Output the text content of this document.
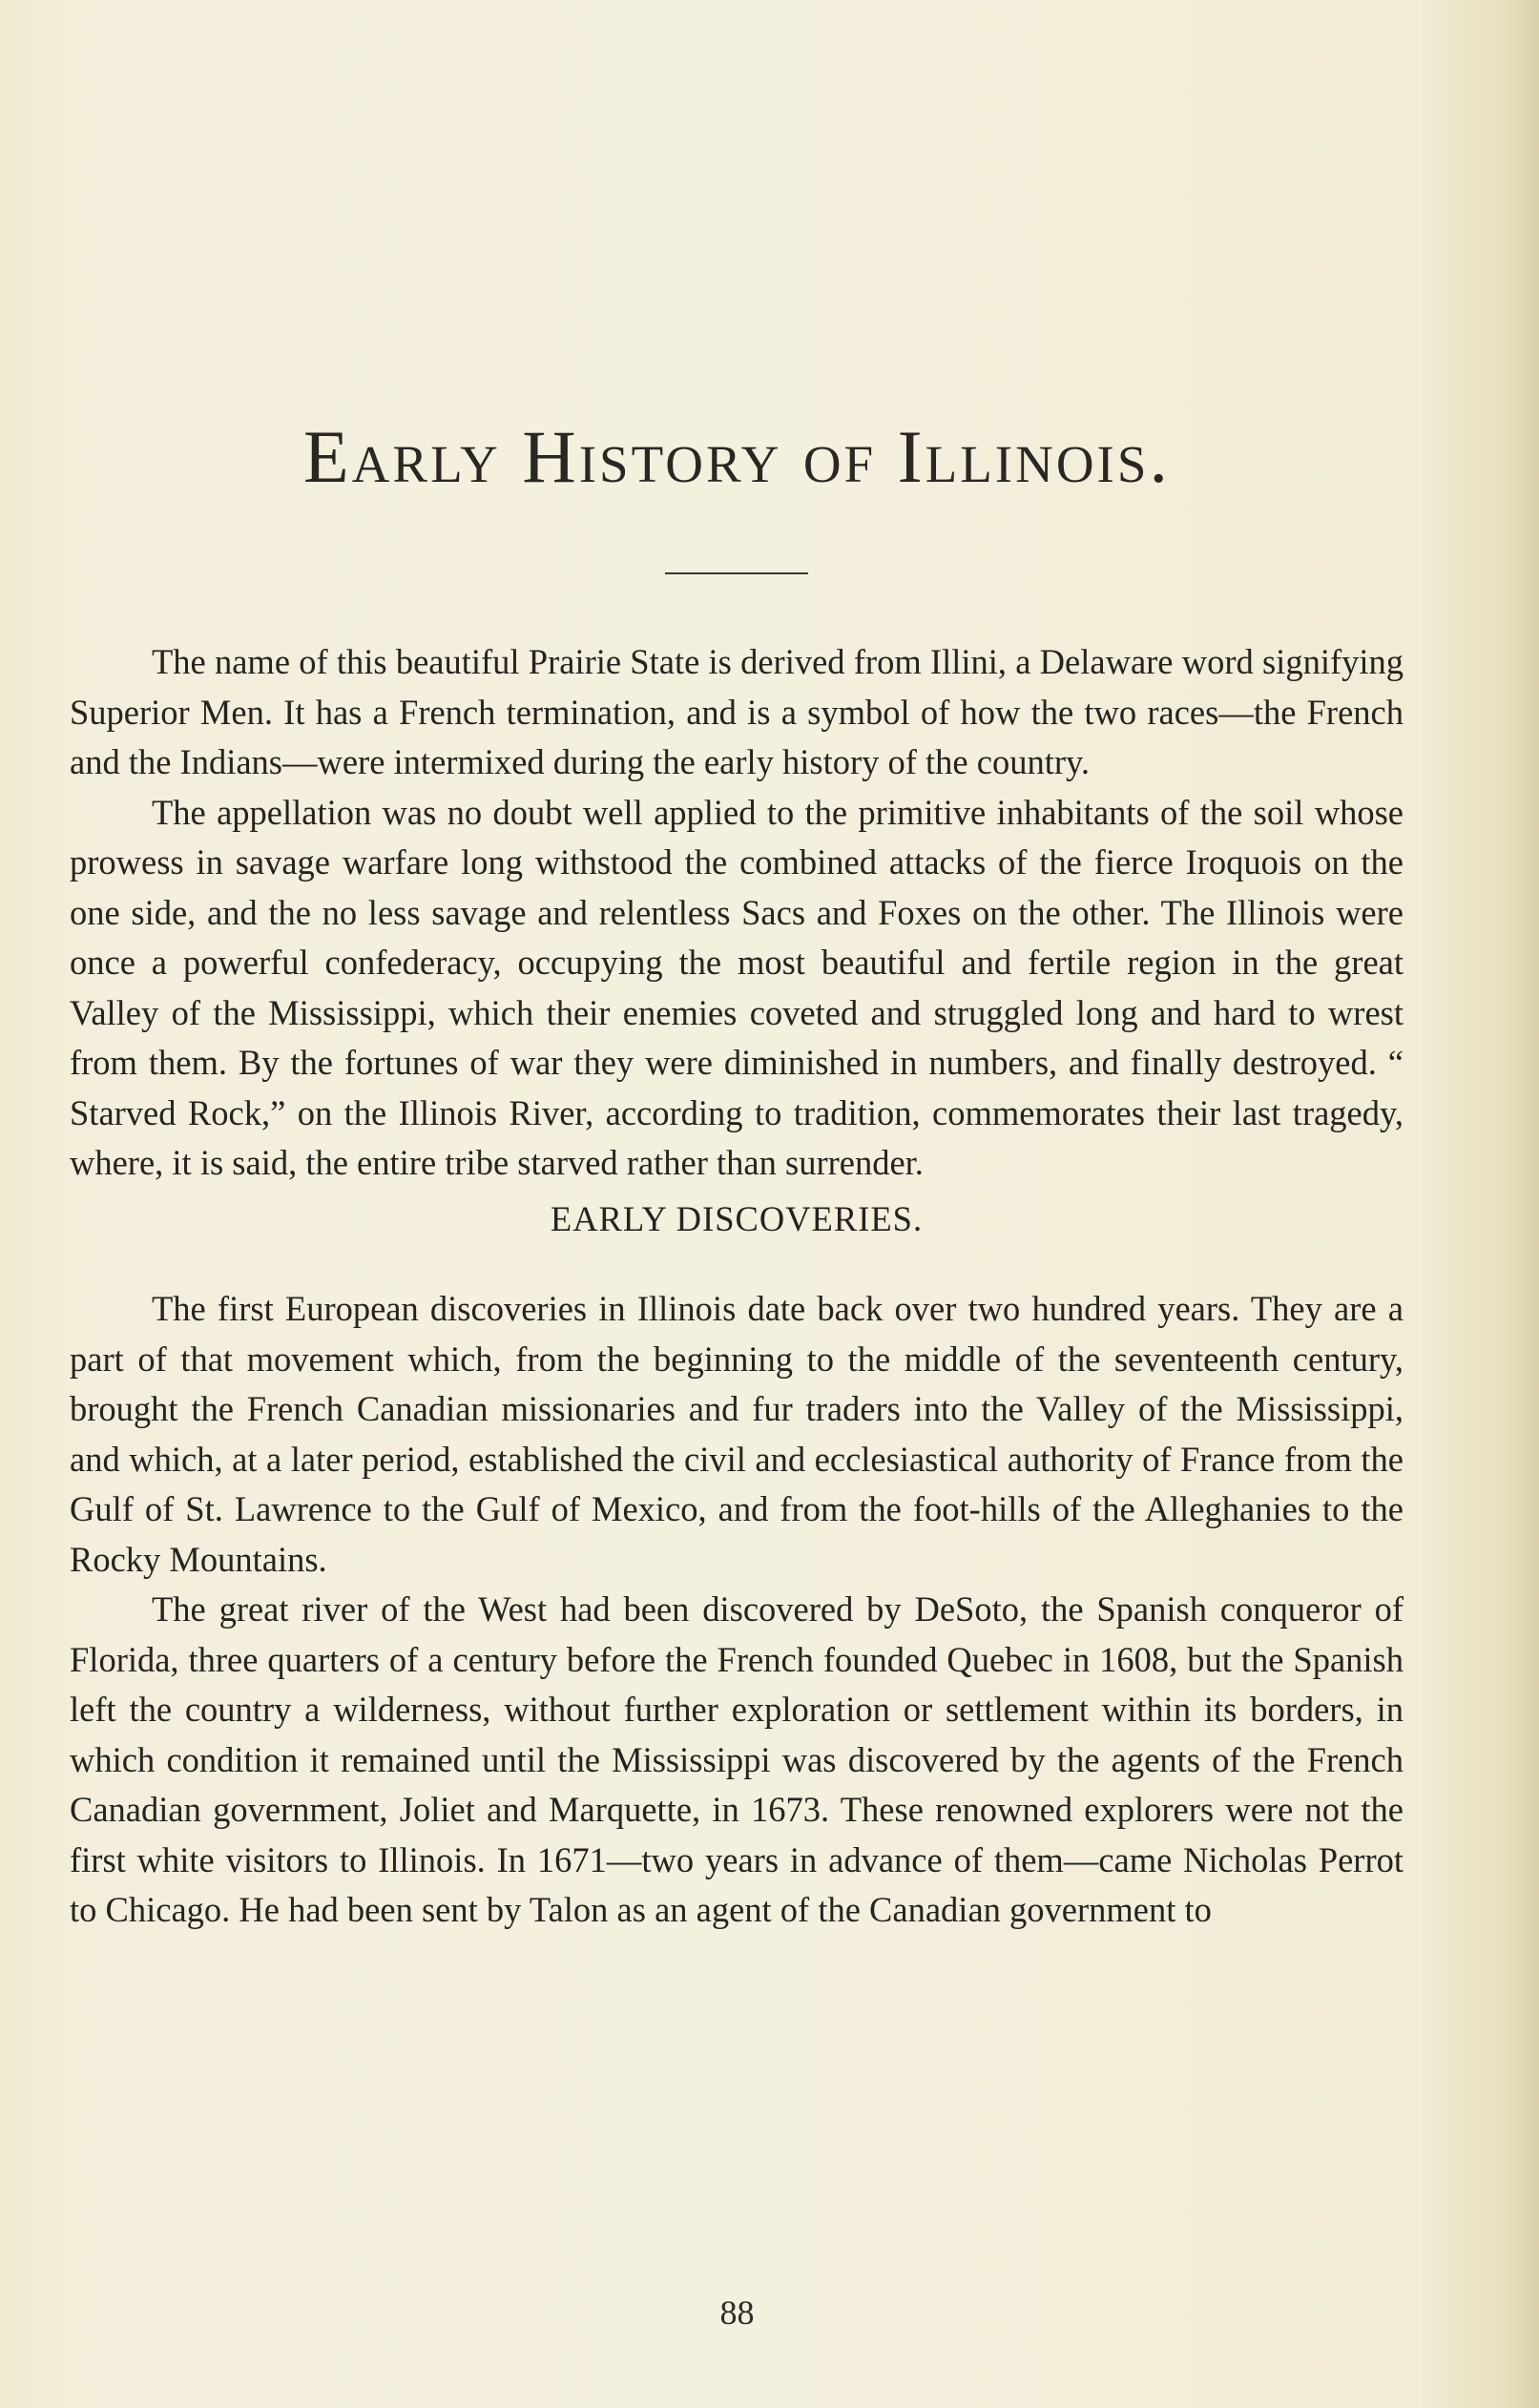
Early History of Illinois.

The name of this beautiful Prairie State is derived from Illini, a Delaware word signifying Superior Men. It has a French termination, and is a symbol of how the two races—the French and the Indians—were intermixed during the early history of the country.

The appellation was no doubt well applied to the primitive inhabitants of the soil whose prowess in savage warfare long withstood the combined attacks of the fierce Iroquois on the one side, and the no less savage and relentless Sacs and Foxes on the other. The Illinois were once a powerful confederacy, occupying the most beautiful and fertile region in the great Valley of the Mississippi, which their enemies coveted and struggled long and hard to wrest from them. By the fortunes of war they were diminished in numbers, and finally destroyed. “ Starved Rock,” on the Illinois River, according to tradition, commemorates their last tragedy, where, it is said, the entire tribe starved rather than surrender.

EARLY DISCOVERIES.

The first European discoveries in Illinois date back over two hundred years. They are a part of that movement which, from the beginning to the middle of the seventeenth century, brought the French Canadian missionaries and fur traders into the Valley of the Mississippi, and which, at a later period, established the civil and ecclesiastical authority of France from the Gulf of St. Lawrence to the Gulf of Mexico, and from the foot-hills of the Alleghanies to the Rocky Mountains.

The great river of the West had been discovered by DeSoto, the Spanish conqueror of Florida, three quarters of a century before the French founded Quebec in 1608, but the Spanish left the country a wilderness, without further exploration or settlement within its borders, in which condition it remained until the Mississippi was discovered by the agents of the French Canadian government, Joliet and Marquette, in 1673. These renowned explorers were not the first white visitors to Illinois. In 1671—two years in advance of them—came Nicholas Perrot to Chicago. He had been sent by Talon as an agent of the Canadian government to

88
